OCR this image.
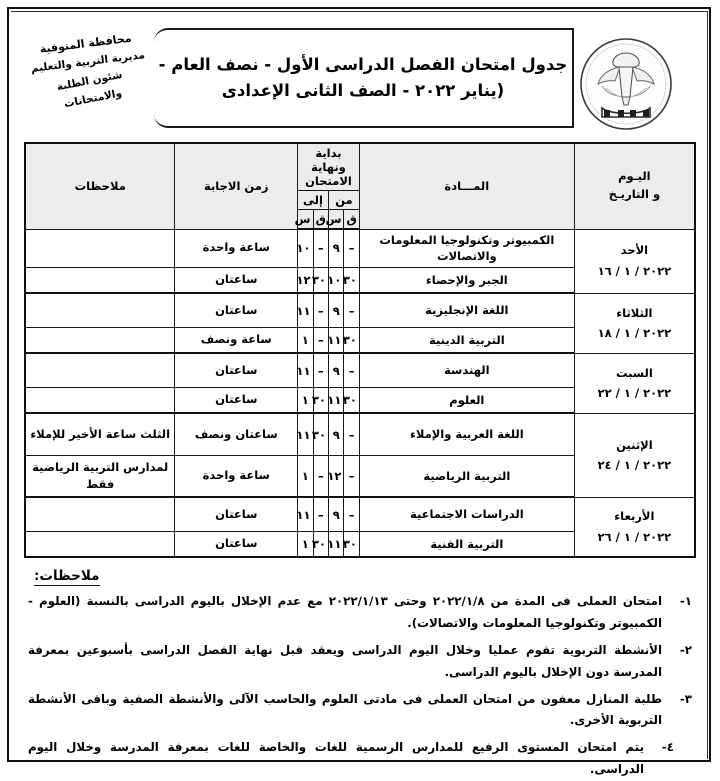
جدول امتحان الفصل الدراسى الأول - نصف العام -
(يناير ٢٠٢٢ - الصف الثانى الإعدادى
محافظة المنوفية
مديرية التربية والتعليم
شئون الطلبة والامتحانات
اليـوم
و التاريـخ	المـــادة	بداية ونهاية الامتحان				زمن الاجابة	ملاحظات
		من		إلى			
		ق	س	ق	س		

الأحد
٢٠٢٢ / ١ / ١٦	الكمبيوتر وتكنولوجيا المعلومات والاتصالات	–	٩	–	١٠	ساعة واحدة	
	الجبر والإحصاء	٣٠	١٠	٣٠	١٢	ساعتان	

الثلاثاء
٢٠٢٢ / ١ / ١٨	اللغة الإنجليزية	–	٩	–	١١	ساعتان	
	التربية الدينية	٣٠	١١	–	١	ساعة ونصف	

السبت
٢٠٢٢ / ١ / ٢٢	الهندسة	–	٩	–	١١	ساعتان	
	العلوم	٣٠	١١	٣٠	١	ساعتان	

الإثنين
٢٠٢٢ / ١ / ٢٤	اللغة العربية والإملاء	–	٩	٣٠	١١	ساعتان ونصف	الثلث ساعة الأخير للإملاء
	التربية الرياضية	–	١٢	–	١	ساعة واحدة	لمدارس التربية الرياضية فقط

الأربعاء
٢٠٢٢ / ١ / ٢٦	الدراسات الاجتماعية	–	٩	–	١١	ساعتان	
	التربية الفنية	٣٠	١١	٣٠	١	ساعتان	
ملاحظات:
١-
امتحان العملى فى المدة من ٢٠٢٢/١/٨ وحتى ٢٠٢٢/١/١٣ مع عدم الإخلال باليوم الدراسى بالنسبة (العلوم - الكمبيوتر وتكنولوجيا المعلومات والاتصالات).
٢-
الأنشطة التربوية تقوم عمليا وخلال اليوم الدراسى ويعقد قبل نهاية الفصل الدراسى بأسبوعين بمعرفة المدرسة دون الإخلال باليوم الدراسى.
٣-
طلبة المنازل معفون من امتحان العملى فى مادتى العلوم والحاسب الآلى والأنشطة الصفية وباقى الأنشطة التربوية الأخرى.
٤-
يتم امتحان المستوى الرفيع للمدارس الرسمية للغات والخاصة للغات بمعرفة المدرسة وخلال اليوم الدراسى.
